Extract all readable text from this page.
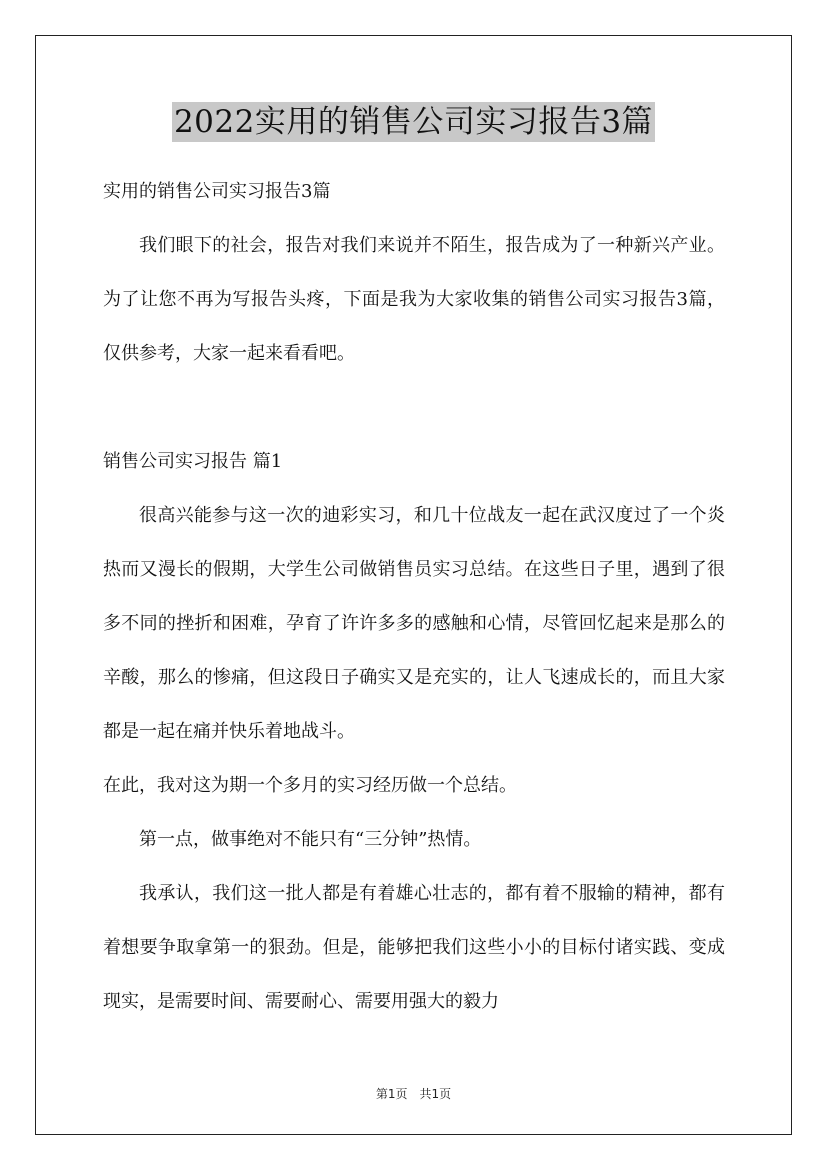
2022实用的销售公司实习报告3篇

实用的销售公司实习报告3篇

我们眼下的社会，报告对我们来说并不陌生，报告成为了一种新兴产业。为了让您不再为写报告头疼，下面是我为大家收集的销售公司实习报告3篇，仅供参考，大家一起来看看吧。

销售公司实习报告 篇1

很高兴能参与这一次的迪彩实习，和几十位战友一起在武汉度过了一个炎热而又漫长的假期，大学生公司做销售员实习总结。在这些日子里，遇到了很多不同的挫折和困难，孕育了许许多多的感触和心情，尽管回忆起来是那么的辛酸，那么的惨痛，但这段日子确实又是充实的，让人飞速成长的，而且大家都是一起在痛并快乐着地战斗。

在此，我对这为期一个多月的实习经历做一个总结。

第一点，做事绝对不能只有“三分钟”热情。

我承认，我们这一批人都是有着雄心壮志的，都有着不服输的精神，都有着想要争取拿第一的狠劲。但是，能够把我们这些小小的目标付诸实践、变成现实，是需要时间、需要耐心、需要用强大的毅力

第1页　共1页
